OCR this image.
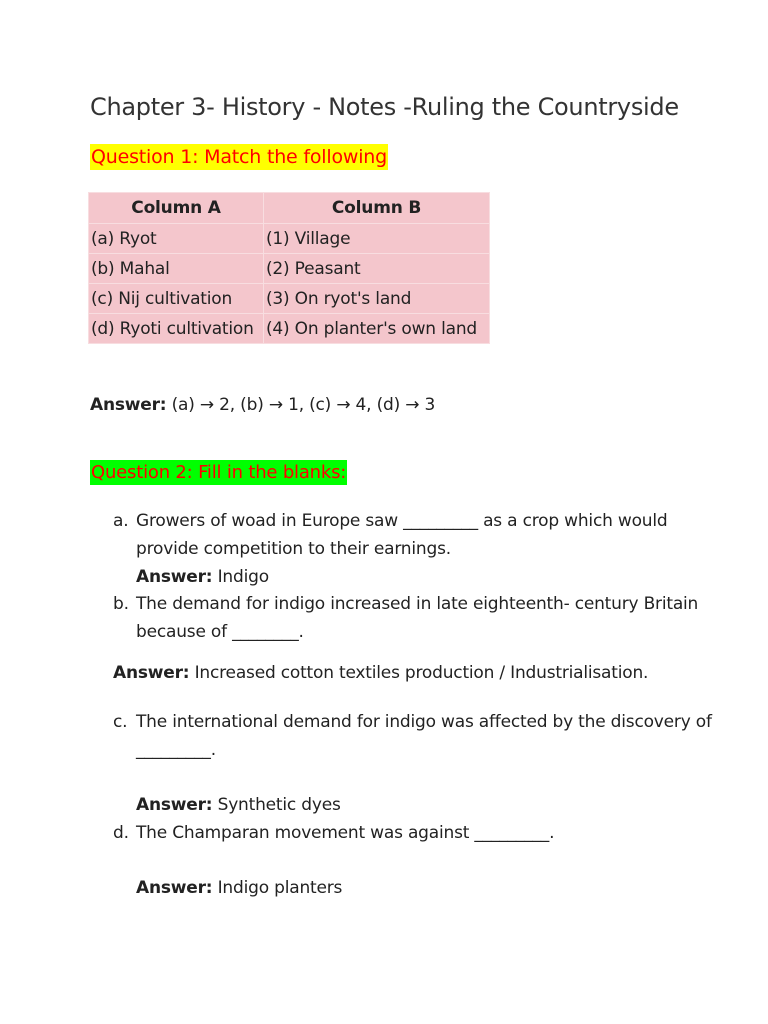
Chapter 3- History - Notes -Ruling the Countryside
Question 1: Match the following
Column A	Column B
(a) Ryot	(1) Village
(b) Mahal	(2) Peasant
(c) Nij cultivation	(3) On ryot's land
(d) Ryoti cultivation	(4) On planter's own land
Answer: (a) → 2, (b) → 1, (c) → 4, (d) → 3
Question 2: Fill in the blanks:
a. Growers of woad in Europe saw _________ as a crop which would provide competition to their earnings.
Answer: Indigo
b. The demand for indigo increased in late eighteenth- century Britain because of ________.
Answer: Increased cotton textiles production / Industrialisation.
c. The international demand for indigo was affected by the discovery of _________.
Answer: Synthetic dyes
d. The Champaran movement was against _________.
Answer: Indigo planters
